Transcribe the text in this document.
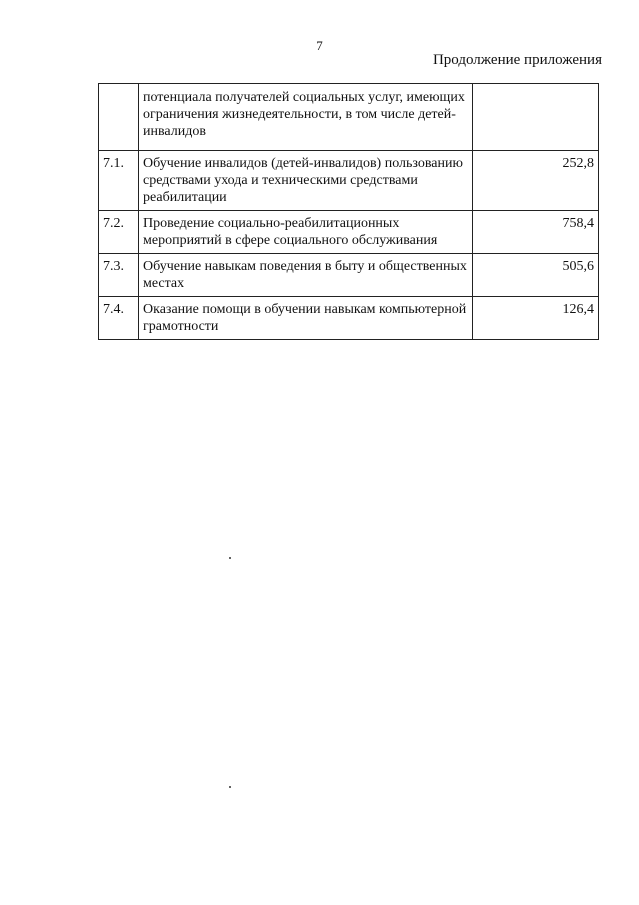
7
Продолжение приложения
	потенциала получателей социальных услуг, имеющих ограничения жизнедеятельности, в том числе детей-инвалидов	
7.1.	Обучение инвалидов (детей-инвалидов) пользованию средствами ухода и техническими средствами реабилитации	252,8
7.2.	Проведение социально-реабилитационных мероприятий в сфере социального обслуживания	758,4
7.3.	Обучение навыкам поведения в быту и общественных местах	505,6
7.4.	Оказание помощи в обучении навыкам компьютерной грамотности	126,4
